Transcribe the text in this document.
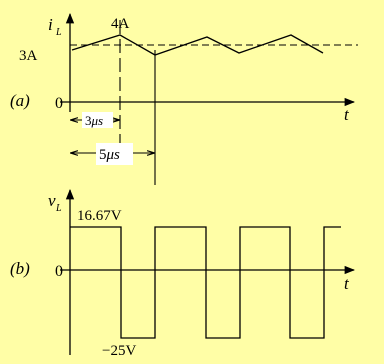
i L
t
0
(a)
4A
3A
3μs
5μs
v L
t
0
(b)
16.67V
−25V
